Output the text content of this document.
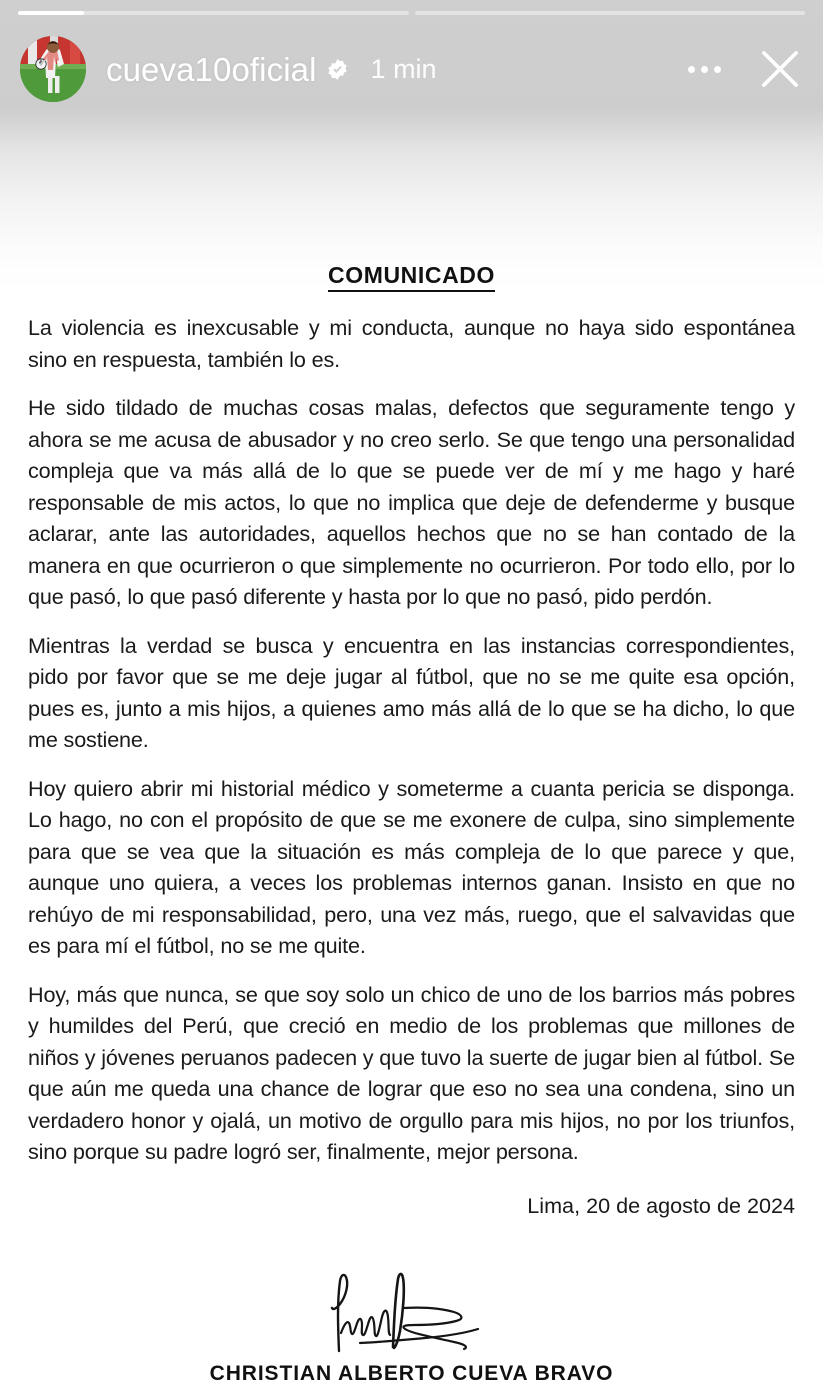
cueva10oficial 1 min
COMUNICADO

La violencia es inexcusable y mi conducta, aunque no haya sido espontánea sino en respuesta, también lo es.

He sido tildado de muchas cosas malas, defectos que seguramente tengo y ahora se me acusa de abusador y no creo serlo. Se que tengo una personalidad compleja que va más allá de lo que se puede ver de mí y me hago y haré responsable de mis actos, lo que no implica que deje de defenderme y busque aclarar, ante las autoridades, aquellos hechos que no se han contado de la manera en que ocurrieron o que simplemente no ocurrieron. Por todo ello, por lo que pasó, lo que pasó diferente y hasta por lo que no pasó, pido perdón.

Mientras la verdad se busca y encuentra en las instancias correspondientes, pido por favor que se me deje jugar al fútbol, que no se me quite esa opción, pues es, junto a mis hijos, a quienes amo más allá de lo que se ha dicho, lo que me sostiene.

Hoy quiero abrir mi historial médico y someterme a cuanta pericia se disponga. Lo hago, no con el propósito de que se me exonere de culpa, sino simplemente para que se vea que la situación es más compleja de lo que parece y que, aunque uno quiera, a veces los problemas internos ganan. Insisto en que no rehúyo de mi responsabilidad, pero, una vez más, ruego, que el salvavidas que es para mí el fútbol, no se me quite.

Hoy, más que nunca, se que soy solo un chico de uno de los barrios más pobres y humildes del Perú, que creció en medio de los problemas que millones de niños y jóvenes peruanos padecen y que tuvo la suerte de jugar bien al fútbol. Se que aún me queda una chance de lograr que eso no sea una condena, sino un verdadero honor y ojalá, un motivo de orgullo para mis hijos, no por los triunfos, sino porque su padre logró ser, finalmente, mejor persona.

Lima, 20 de agosto de 2024
CHRISTIAN ALBERTO CUEVA BRAVO
